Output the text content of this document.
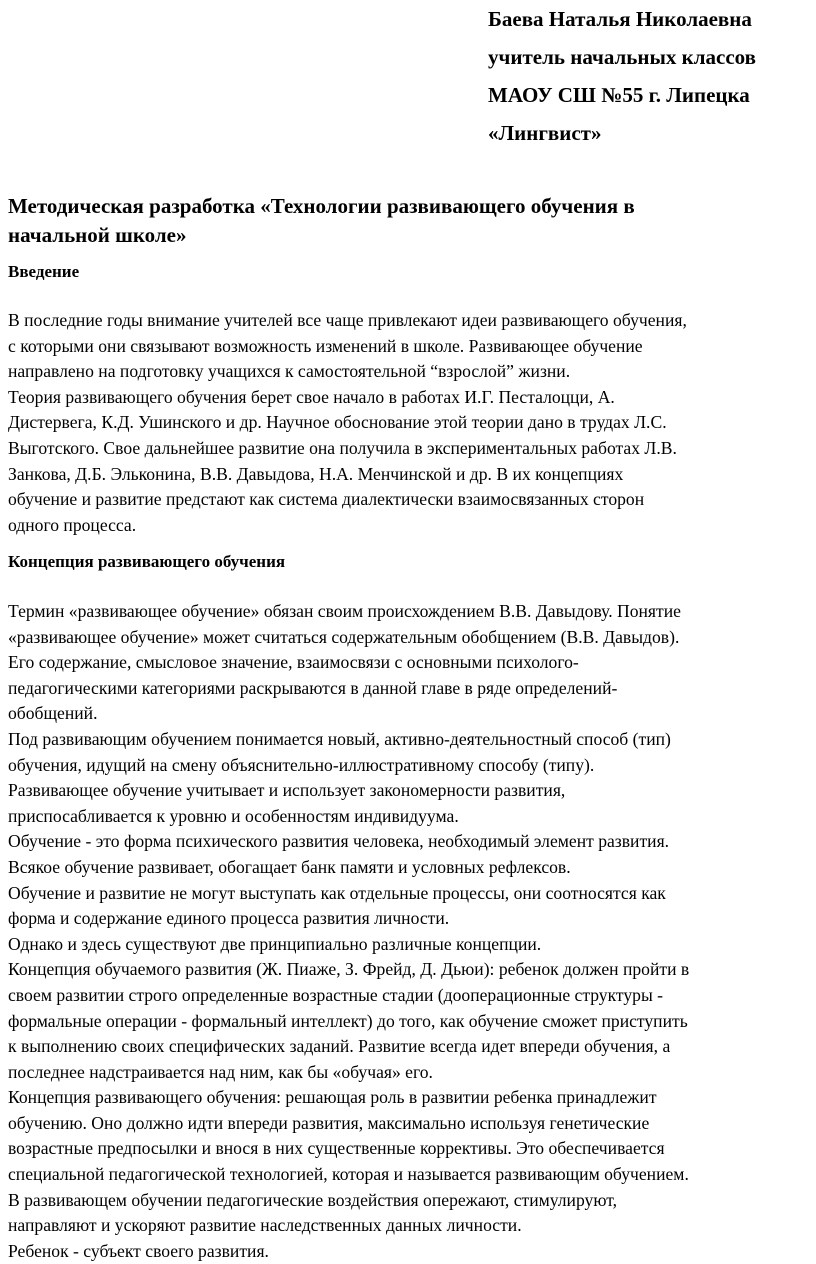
Баева Наталья Николаевна
учитель начальных классов
МАОУ СШ №55 г. Липецка
«Лингвист»
Методическая разработка «Технологии развивающего обучения в
начальной школе»
Введение

В последние годы внимание учителей все чаще привлекают идеи развивающего обучения,

с которыми они связывают возможность изменений в школе. Развивающее обучение

направлено на подготовку учащихся к самостоятельной “взрослой” жизни.

Теория развивающего обучения берет свое начало в работах И.Г. Песталоцци, А.

Дистервега, К.Д. Ушинского и др. Научное обоснование этой теории дано в трудах Л.С.

Выготского. Свое дальнейшее развитие она получила в экспериментальных работах Л.В.

Занкова, Д.Б. Эльконина, В.В. Давыдова, Н.А. Менчинской и др. В их концепциях

обучение и развитие предстают как система диалектически взаимосвязанных сторон

одного процесса.

Концепция развивающего обучения

Термин «развивающее обучение» обязан своим происхождением В.В. Давыдову. Понятие

«развивающее обучение» может считаться содержательным обобщением (В.В. Давыдов).

Его содержание, смысловое значение, взаимосвязи с основными психолого-

педагогическими категориями раскрываются в данной главе в ряде определений-

обобщений.

Под развивающим обучением понимается новый, активно-деятельностный способ (тип)

обучения, идущий на смену объяснительно-иллюстративному способу (типу).

Развивающее обучение учитывает и использует закономерности развития,

приспосабливается к уровню и особенностям индивидуума.

Обучение - это форма психического развития человека, необходимый элемент развития.

Всякое обучение развивает, обогащает банк памяти и условных рефлексов.

Обучение и развитие не могут выступать как отдельные процессы, они соотносятся как

форма и содержание единого процесса развития личности.

Однако и здесь существуют две принципиально различные концепции.

Концепция обучаемого развития (Ж. Пиаже, З. Фрейд, Д. Дьюи): ребенок должен пройти в

своем развитии строго определенные возрастные стадии (дооперационные структуры -

формальные операции - формальный интеллект) до того, как обучение сможет приступить

к выполнению своих специфических заданий. Развитие всегда идет впереди обучения, а

последнее надстраивается над ним, как бы «обучая» его.

Концепция развивающего обучения: решающая роль в развитии ребенка принадлежит

обучению. Оно должно идти впереди развития, максимально используя генетические

возрастные предпосылки и внося в них существенные коррективы. Это обеспечивается

специальной педагогической технологией, которая и называется развивающим обучением.

В развивающем обучении педагогические воздействия опережают, стимулируют,

направляют и ускоряют развитие наследственных данных личности.

Ребенок - субъект своего развития.
